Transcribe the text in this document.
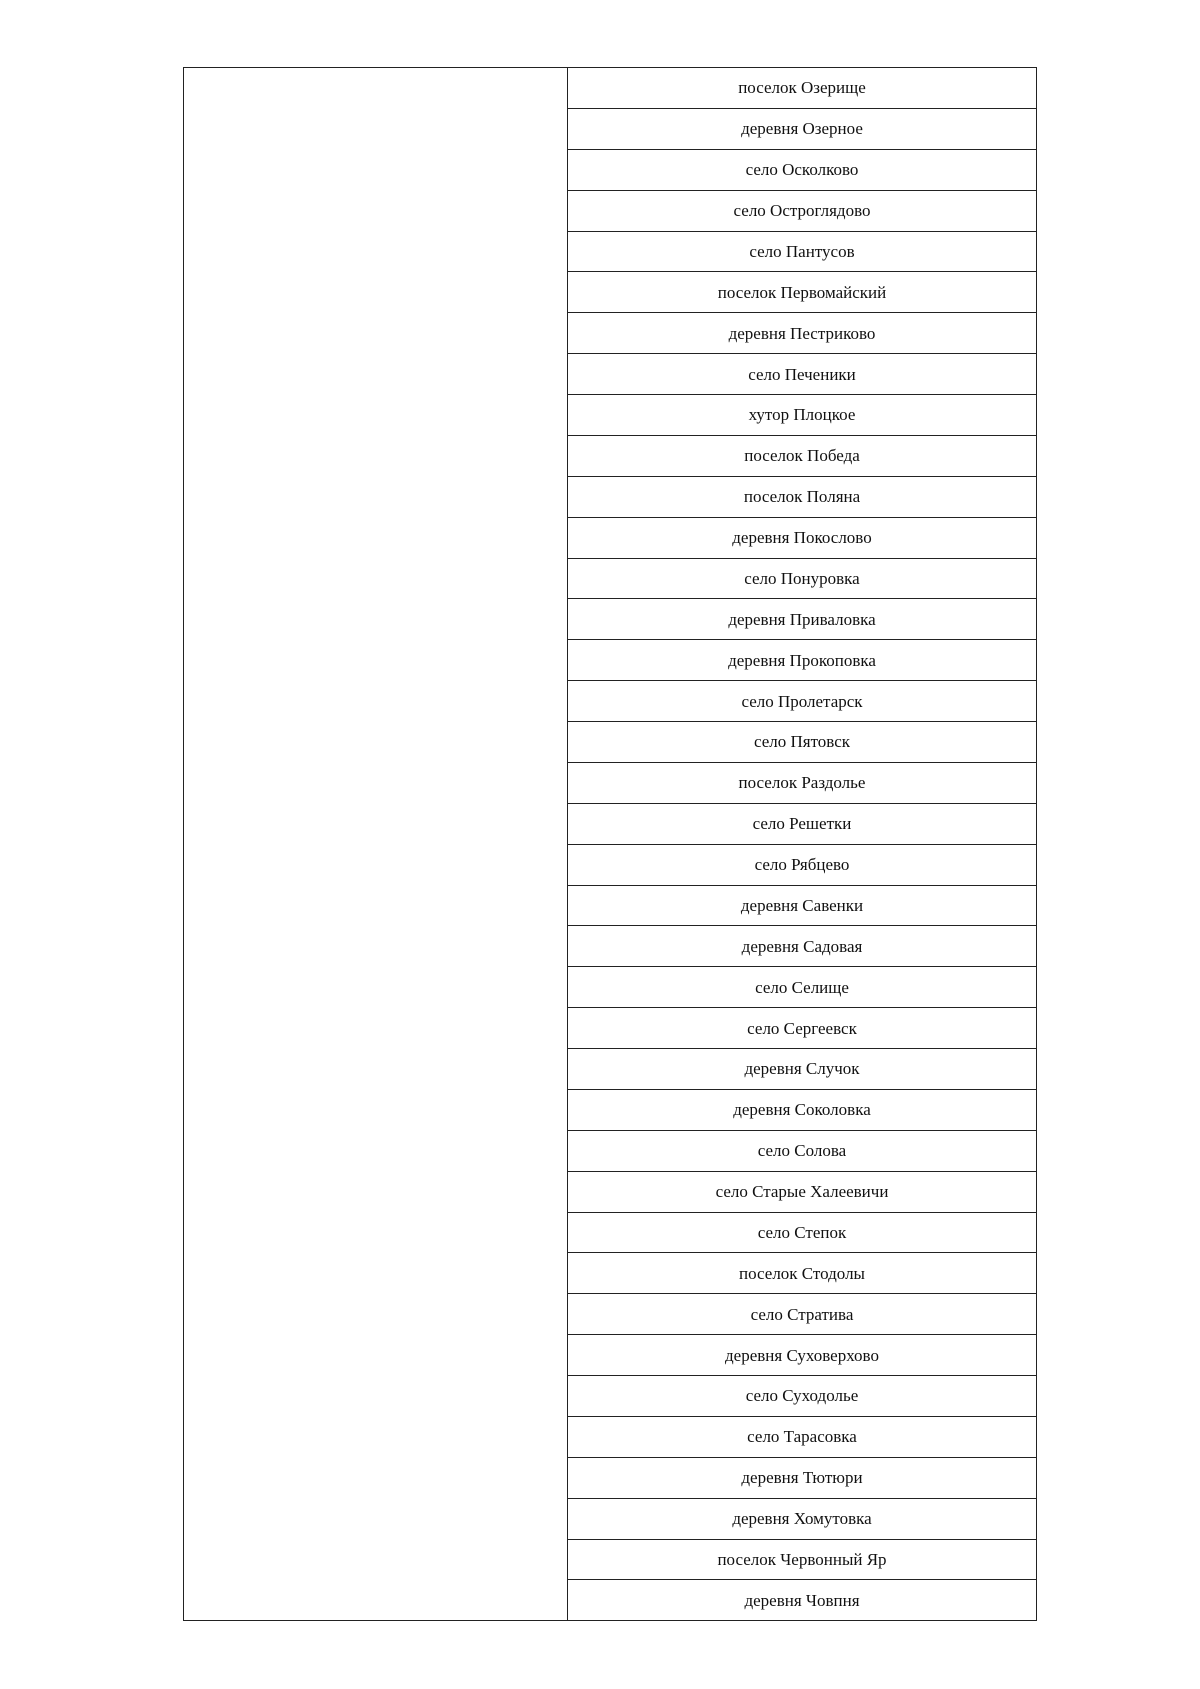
поселок Озерище
деревня Озерное
село Осколково
село Остроглядово
село Пантусов
поселок Первомайский
деревня Пестриково
село Печеники
хутор Плоцкое
поселок Победа
поселок Поляна
деревня Покослово
село Понуровка
деревня Приваловка
деревня Прокоповка
село Пролетарск
село Пятовск
поселок Раздолье
село Решетки
село Рябцево
деревня Савенки
деревня Садовая
село Селище
село Сергеевск
деревня Случок
деревня Соколовка
село Солова
село Старые Халеевичи
село Степок
поселок Стодолы
село Стратива
деревня Суховерхово
село Суходолье
село Тарасовка
деревня Тютюри
деревня Хомутовка
поселок Червонный Яр
деревня Човпня
